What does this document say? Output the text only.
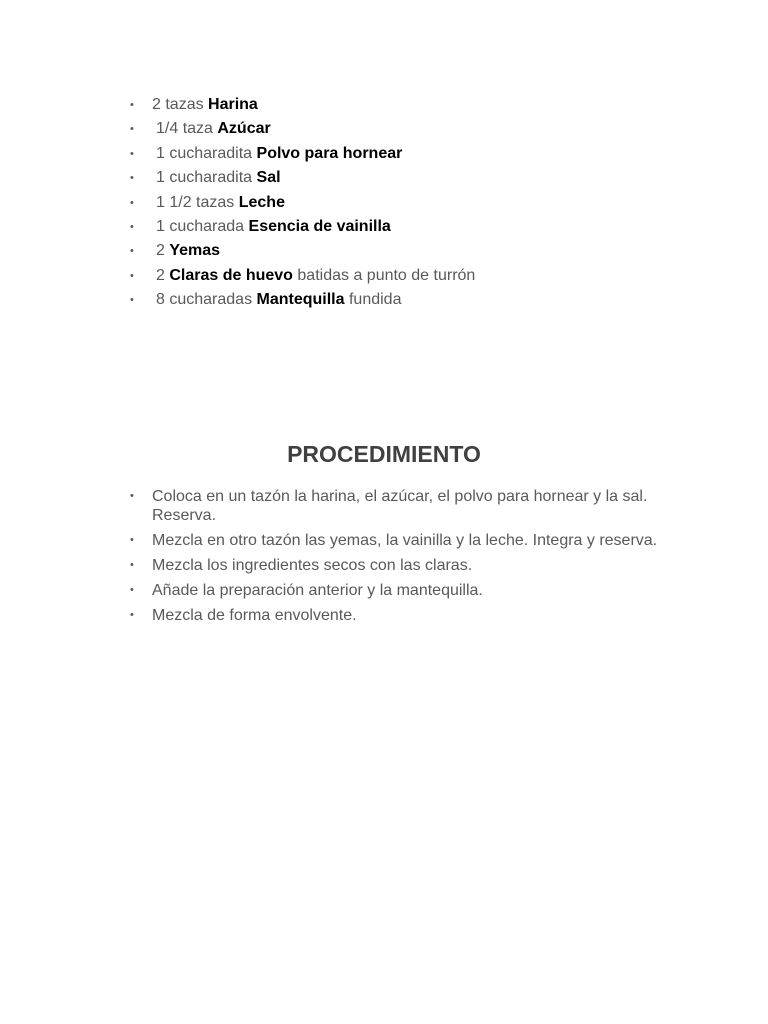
• 2 tazas Harina
• 1/4 taza Azúcar
• 1 cucharadita Polvo para hornear
• 1 cucharadita Sal
• 1 1/2 tazas Leche
• 1 cucharada Esencia de vainilla
• 2 Yemas
• 2 Claras de huevo batidas a punto de turrón
• 8 cucharadas Mantequilla fundida
PROCEDIMIENTO
• Coloca en un tazón la harina, el azúcar, el polvo para hornear y la sal. Reserva.
• Mezcla en otro tazón las yemas, la vainilla y la leche. Integra y reserva.
• Mezcla los ingredientes secos con las claras.
• Añade la preparación anterior y la mantequilla.
• Mezcla de forma envolvente.
